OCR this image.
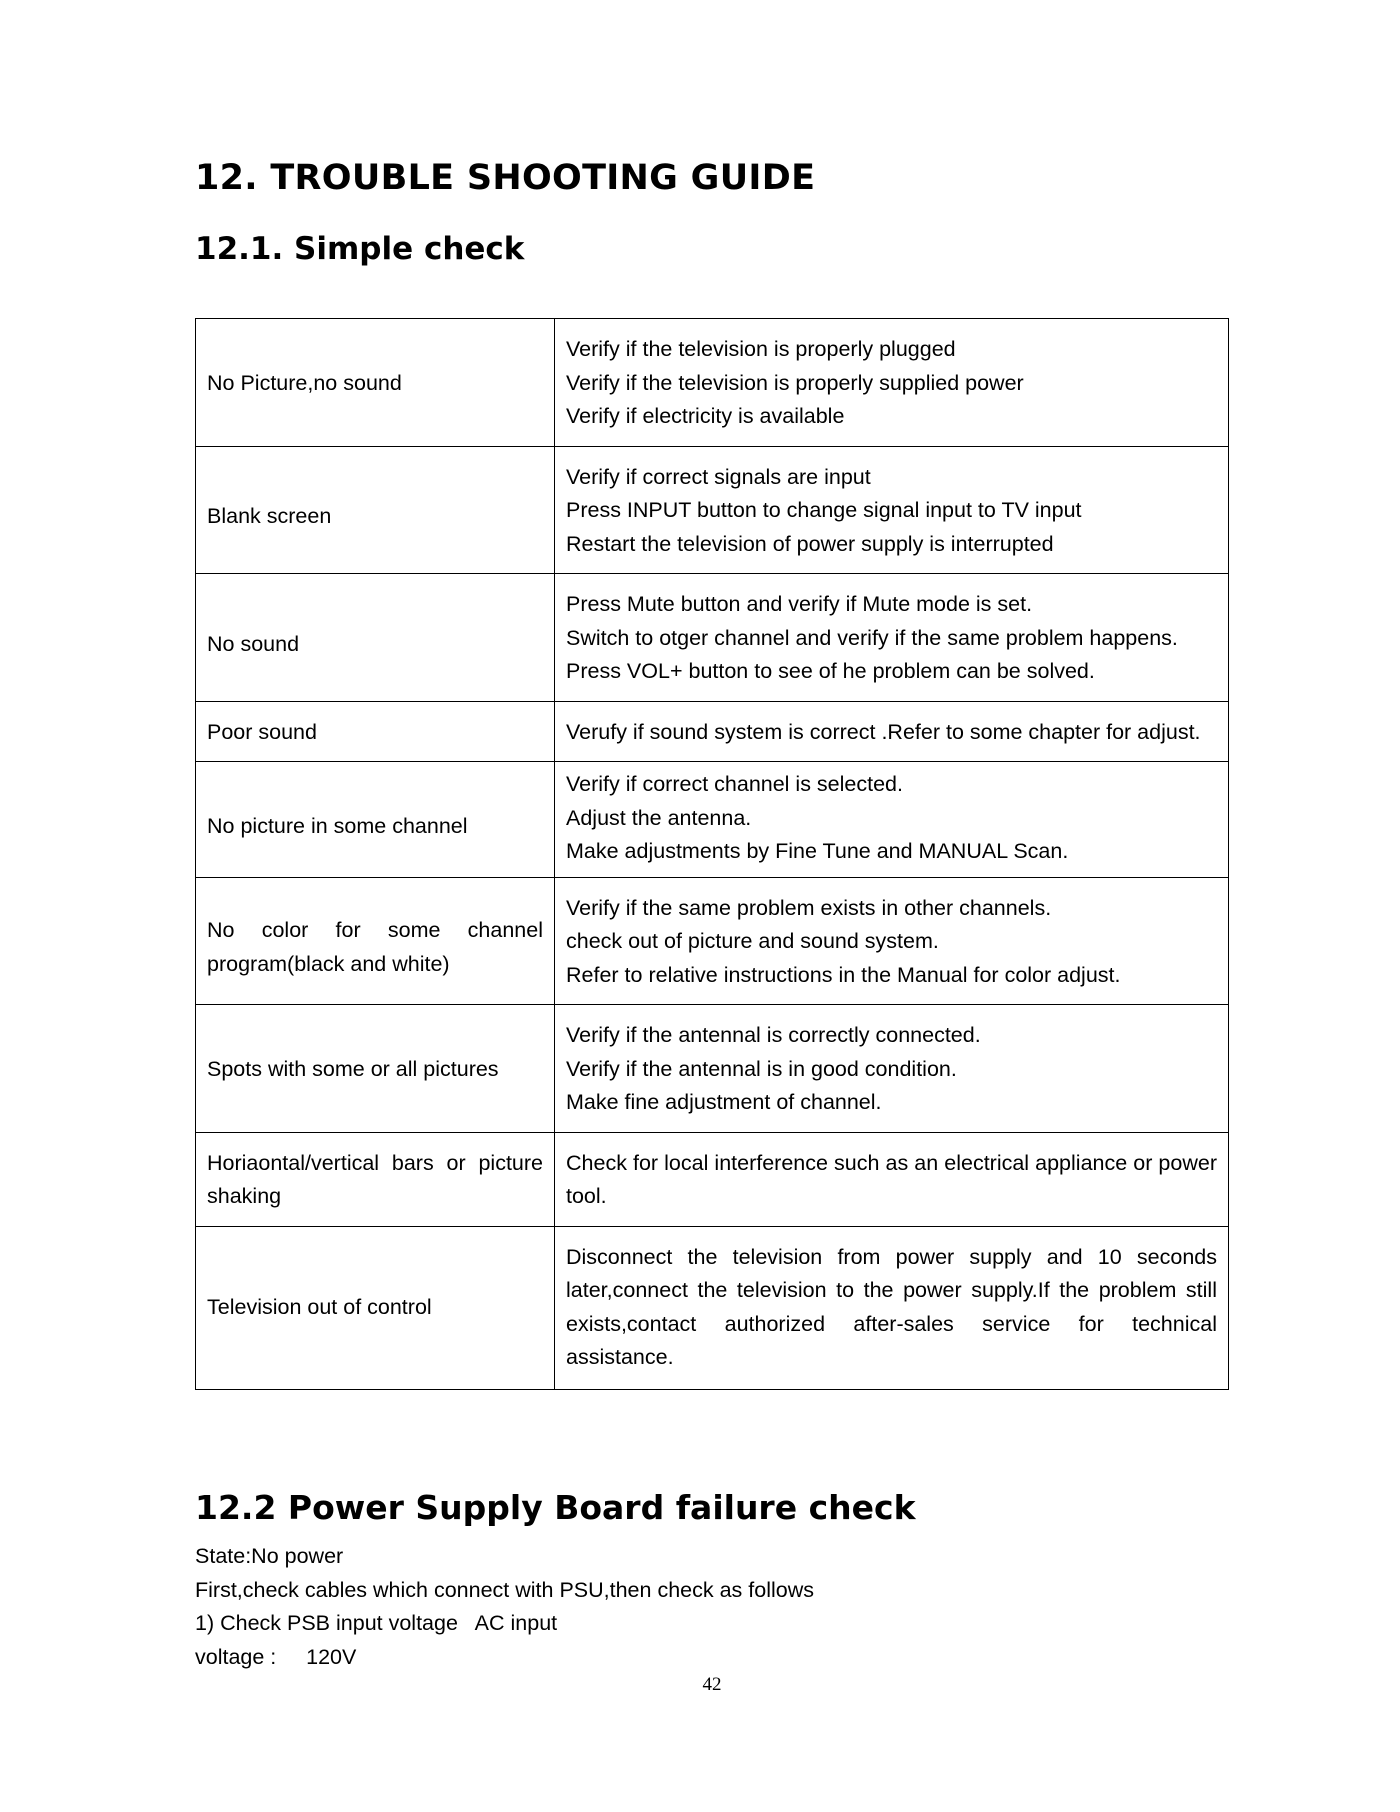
12. TROUBLE SHOOTING GUIDE
12.1. Simple check
No Picture,no sound	Verify if the television is properly plugged
Verify if the television is properly supplied power
Verify if electricity is available

Blank screen	Verify if correct signals are input
Press INPUT button to change signal input to TV input
Restart the television of power supply is interrupted

No sound	Press Mute button and verify if Mute mode is set.
Switch to otger channel and verify if the same problem happens.
Press VOL+ button to see of he problem can be solved.

Poor sound	Verufy if sound system is correct .Refer to some chapter for adjust.
No picture in some channel	Verify if correct channel is selected.
Adjust the antenna.
Make adjustments by Fine Tune and MANUAL Scan.

No color for some channel program(black and white)	Verify if the same problem exists in other channels.
check out of picture and sound system.
Refer to relative instructions in the Manual for color adjust.

Spots with some or all pictures	Verify if the antennal is correctly connected.
Verify if the antennal is in good condition.
Make fine adjustment of channel.

Horiaontal/vertical bars or picture shaking	Check for local interference such as an electrical appliance or power tool.
Television out of control	Disconnect the television from power supply and 10 seconds later,connect the television to the power supply.If the problem still exists,contact authorized after-sales service for technical assistance.
12.2 Power Supply Board failure check
State:No power
First,check cables which connect with PSU,then check as follows
1) Check PSB input voltage   AC input
voltage :     120V
42
